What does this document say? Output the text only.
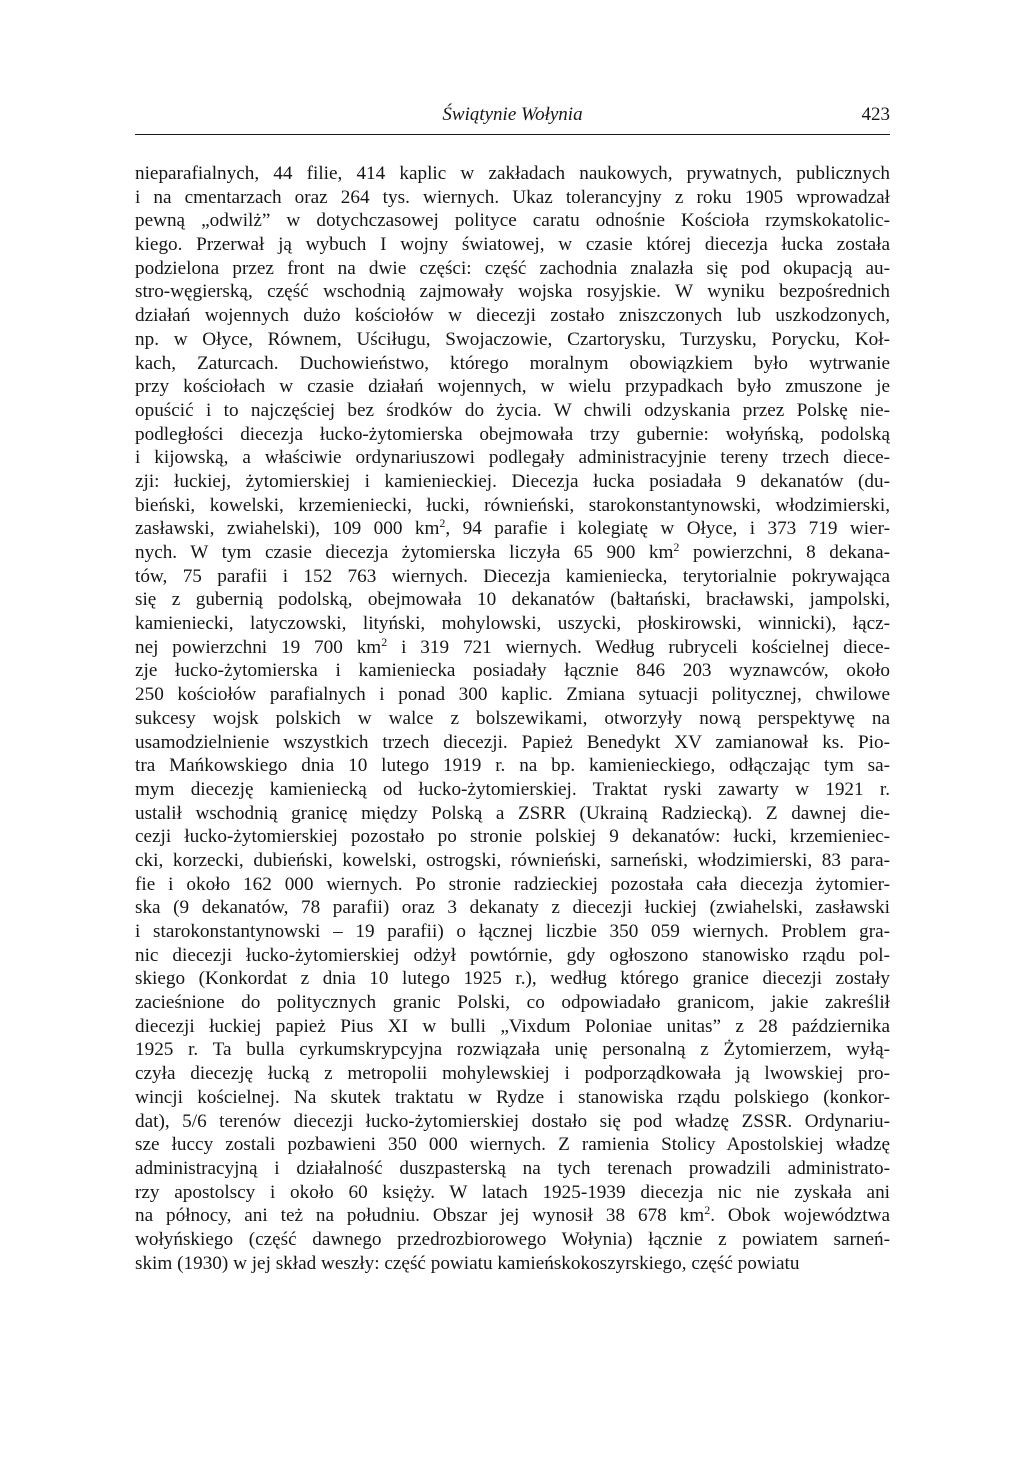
Świątynie Wołynia	423
nieparafialnych, 44 filie, 414 kaplic w zakładach naukowych, prywatnych, publicznych
i na cmentarzach oraz 264 tys. wiernych. Ukaz tolerancyjny z roku 1905 wprowadzał
pewną „odwilż” w dotychczasowej polityce caratu odnośnie Kościoła rzymskokatolic-
kiego. Przerwał ją wybuch I wojny światowej, w czasie której diecezja łucka została
podzielona przez front na dwie części: część zachodnia znalazła się pod okupacją au-
stro-węgierską, część wschodnią zajmowały wojska rosyjskie. W wyniku bezpośrednich
działań wojennych dużo kościołów w diecezji zostało zniszczonych lub uszkodzonych,
np. w Ołyce, Równem, Uściługu, Swojaczowie, Czartorysku, Turzysku, Porycku, Koł-
kach, Zaturcach. Duchowieństwo, którego moralnym obowiązkiem było wytrwanie
przy kościołach w czasie działań wojennych, w wielu przypadkach było zmuszone je
opuścić i to najczęściej bez środków do życia. W chwili odzyskania przez Polskę nie-
podległości diecezja łucko-żytomierska obejmowała trzy gubernie: wołyńską, podolską
i kijowską, a właściwie ordynariuszowi podlegały administracyjnie tereny trzech diece-
zji: łuckiej, żytomierskiej i kamienieckiej. Diecezja łucka posiadała 9 dekanatów (du-
bieński, kowelski, krzemieniecki, łucki, równieński, starokonstantynowski, włodzimierski,
zasławski, zwiahelski), 109 000 $km^2$, 94 parafie i kolegiatę w Ołyce, i 373 719 wier-
nych. W tym czasie diecezja żytomierska liczyła 65 900 $km^2$ powierzchni, 8 dekana-
tów, 75 parafii i 152 763 wiernych. Diecezja kamieniecka, terytorialnie pokrywająca
się z gubernią podolską, obejmowała 10 dekanatów (bałtański, bracławski, jampolski,
kamieniecki, latyczowski, lityński, mohylowski, uszycki, płoskirowski, winnicki), łącz-
nej powierzchni 19 700 $km^2$ i 319 721 wiernych. Według rubryceli kościelnej diece-
zje łucko-żytomierska i kamieniecka posiadały łącznie 846 203 wyznawców, około
250 kościołów parafialnych i ponad 300 kaplic. Zmiana sytuacji politycznej, chwilowe
sukcesy wojsk polskich w walce z bolszewikami, otworzyły nową perspektywę na
usamodzielnienie wszystkich trzech diecezji. Papież Benedykt XV zamianował ks. Pio-
tra Mańkowskiego dnia 10 lutego 1919 r. na bp. kamienieckiego, odłączając tym sa-
mym diecezję kamieniecką od łucko-żytomierskiej. Traktat ryski zawarty w 1921 r.
ustalił wschodnią granicę między Polską a ZSRR (Ukrainą Radziecką). Z dawnej die-
cezji łucko-żytomierskiej pozostało po stronie polskiej 9 dekanatów: łucki, krzemieniec-
cki, korzecki, dubieński, kowelski, ostrogski, równieński, sarneński, włodzimierski, 83 para-
fie i około 162 000 wiernych. Po stronie radzieckiej pozostała cała diecezja żytomier-
ska (9 dekanatów, 78 parafii) oraz 3 dekanaty z diecezji łuckiej (zwiahelski, zasławski
i starokonstantynowski – 19 parafii) o łącznej liczbie 350 059 wiernych. Problem gra-
nic diecezji łucko-żytomierskiej odżył powtórnie, gdy ogłoszono stanowisko rządu pol-
skiego (Konkordat z dnia 10 lutego 1925 r.), według którego granice diecezji zostały
zacieśnione do politycznych granic Polski, co odpowiadało granicom, jakie zakreślił
diecezji łuckiej papież Pius XI w bulli „Vixdum Poloniae unitas” z 28 października
1925 r. Ta bulla cyrkumskrypcyjna rozwiązała unię personalną z Żytomierzem, wyłą-
czyła diecezję łucką z metropolii mohylewskiej i podporządkowała ją lwowskiej pro-
wincji kościelnej. Na skutek traktatu w Rydze i stanowiska rządu polskiego (konkor-
dat), 5/6 terenów diecezji łucko-żytomierskiej dostało się pod władzę ZSSR. Ordynariu-
sze łuccy zostali pozbawieni 350 000 wiernych. Z ramienia Stolicy Apostolskiej władzę
administracyjną i działalność duszpasterską na tych terenach prowadzili administrato-
rzy apostolscy i około 60 księży. W latach 1925-1939 diecezja nic nie zyskała ani
na północy, ani też na południu. Obszar jej wynosił 38 678 $km^2$. Obok województwa
wołyńskiego (część dawnego przedrozbiorowego Wołynia) łącznie z powiatem sarneń-
skim (1930) w jej skład weszły: część powiatu kamieńskokoszyrskiego, część powiatu
